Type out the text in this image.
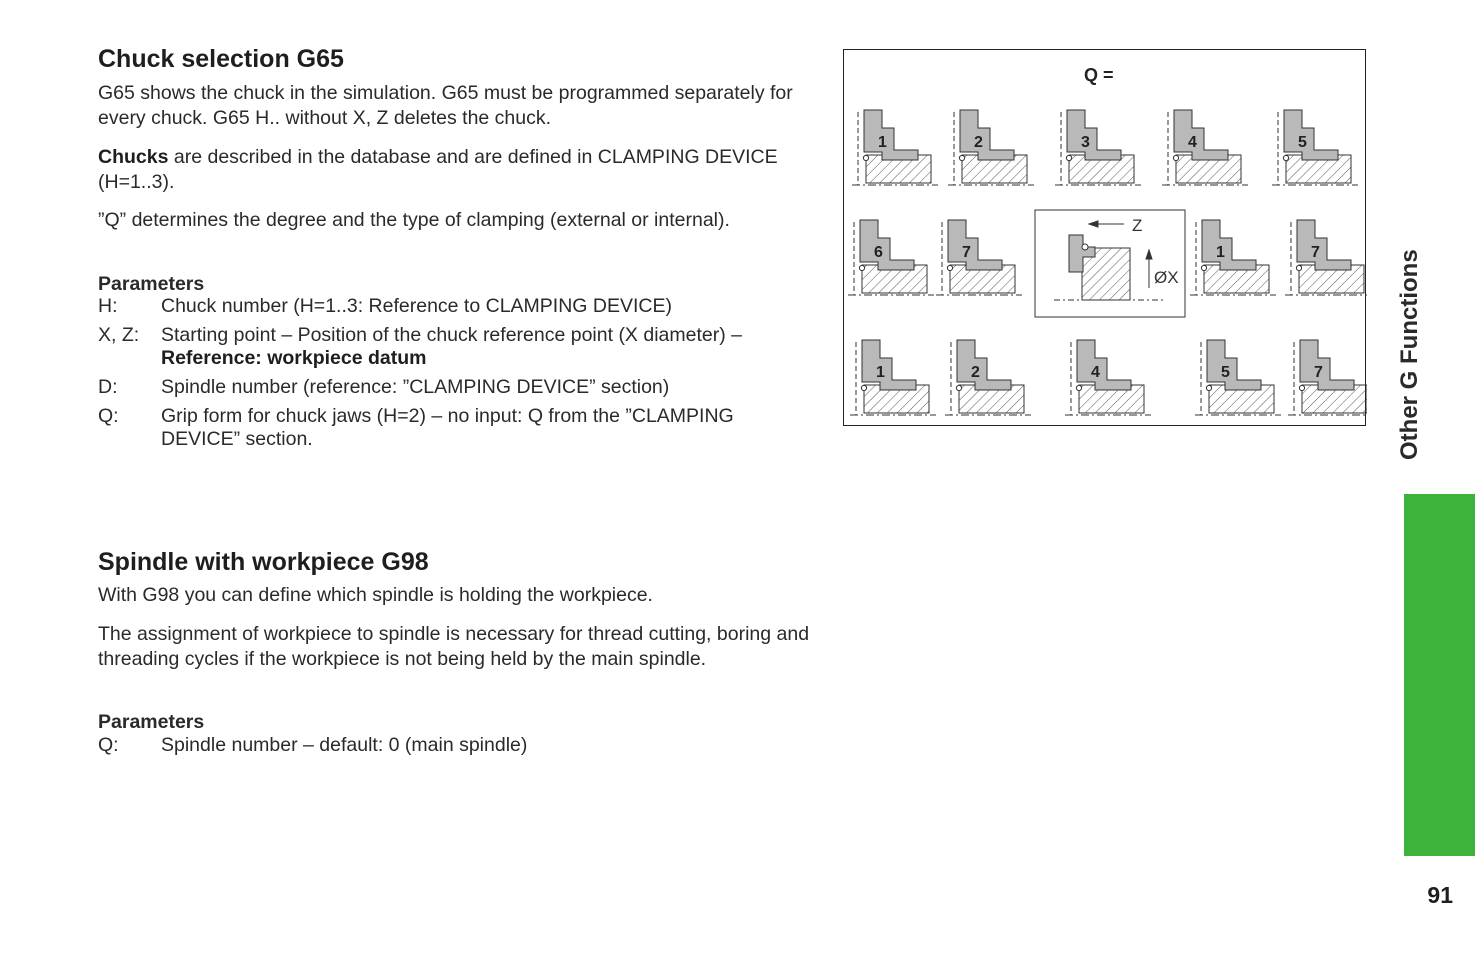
Chuck selection G65

G65 shows the chuck in the simulation. G65 must be programmed separately for every chuck. G65 H.. without X, Z deletes the chuck.

Chucks are described in the database and are defined in CLAMPING DEVICE (H=1..3).

”Q” determines the degree and the type of clamping (external or internal).

Parameters
H: Chuck number (H=1..3: Reference to CLAMPING DEVICE)
X, Z: Starting point – Position of the chuck reference point (X diameter) – Reference: workpiece datum
D: Spindle number (reference: ”CLAMPING DEVICE” section)
Q: Grip form for chuck jaws (H=2) – no input: Q from the ”CLAMPING DEVICE” section.
Q =
1	2	3	4	5
6	7	1	7
1	2	4	5	7
Z
ØX
Spindle with workpiece G98

With G98 you can define which spindle is holding the workpiece.

The assignment of workpiece to spindle is necessary for thread cutting, boring and threading cycles if the workpiece is not being held by the main spindle.

Parameters
Q: Spindle number – default: 0 (main spindle)
Other G Functions
91
